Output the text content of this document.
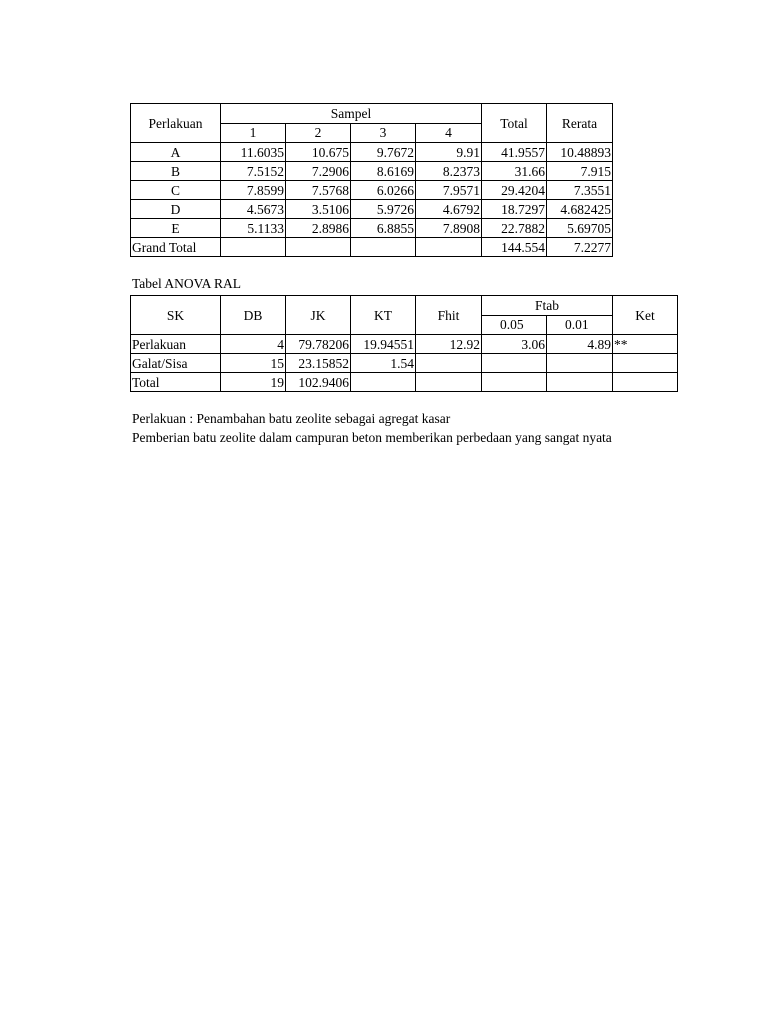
Perlakuan	Sampel				Total	Rerata
	1	2	3	4		
A	11.6035	10.675	9.7672	9.91	41.9557	10.48893
B	7.5152	7.2906	8.6169	8.2373	31.66	7.915
C	7.8599	7.5768	6.0266	7.9571	29.4204	7.3551
D	4.5673	3.5106	5.9726	4.6792	18.7297	4.682425
E	5.1133	2.8986	6.8855	7.8908	22.7882	5.69705
Grand Total					144.554	7.2277
Tabel ANOVA RAL
SK	DB	JK	KT	Fhit	Ftab		Ket
					0.05	0.01	
Perlakuan	4	79.78206	19.94551	12.92	3.06	4.89	**
Galat/Sisa	15	23.15852	1.54				
Total	19	102.9406					
Perlakuan : Penambahan batu zeolite sebagai agregat kasar
Pemberian batu zeolite dalam campuran beton memberikan perbedaan yang sangat nyata
